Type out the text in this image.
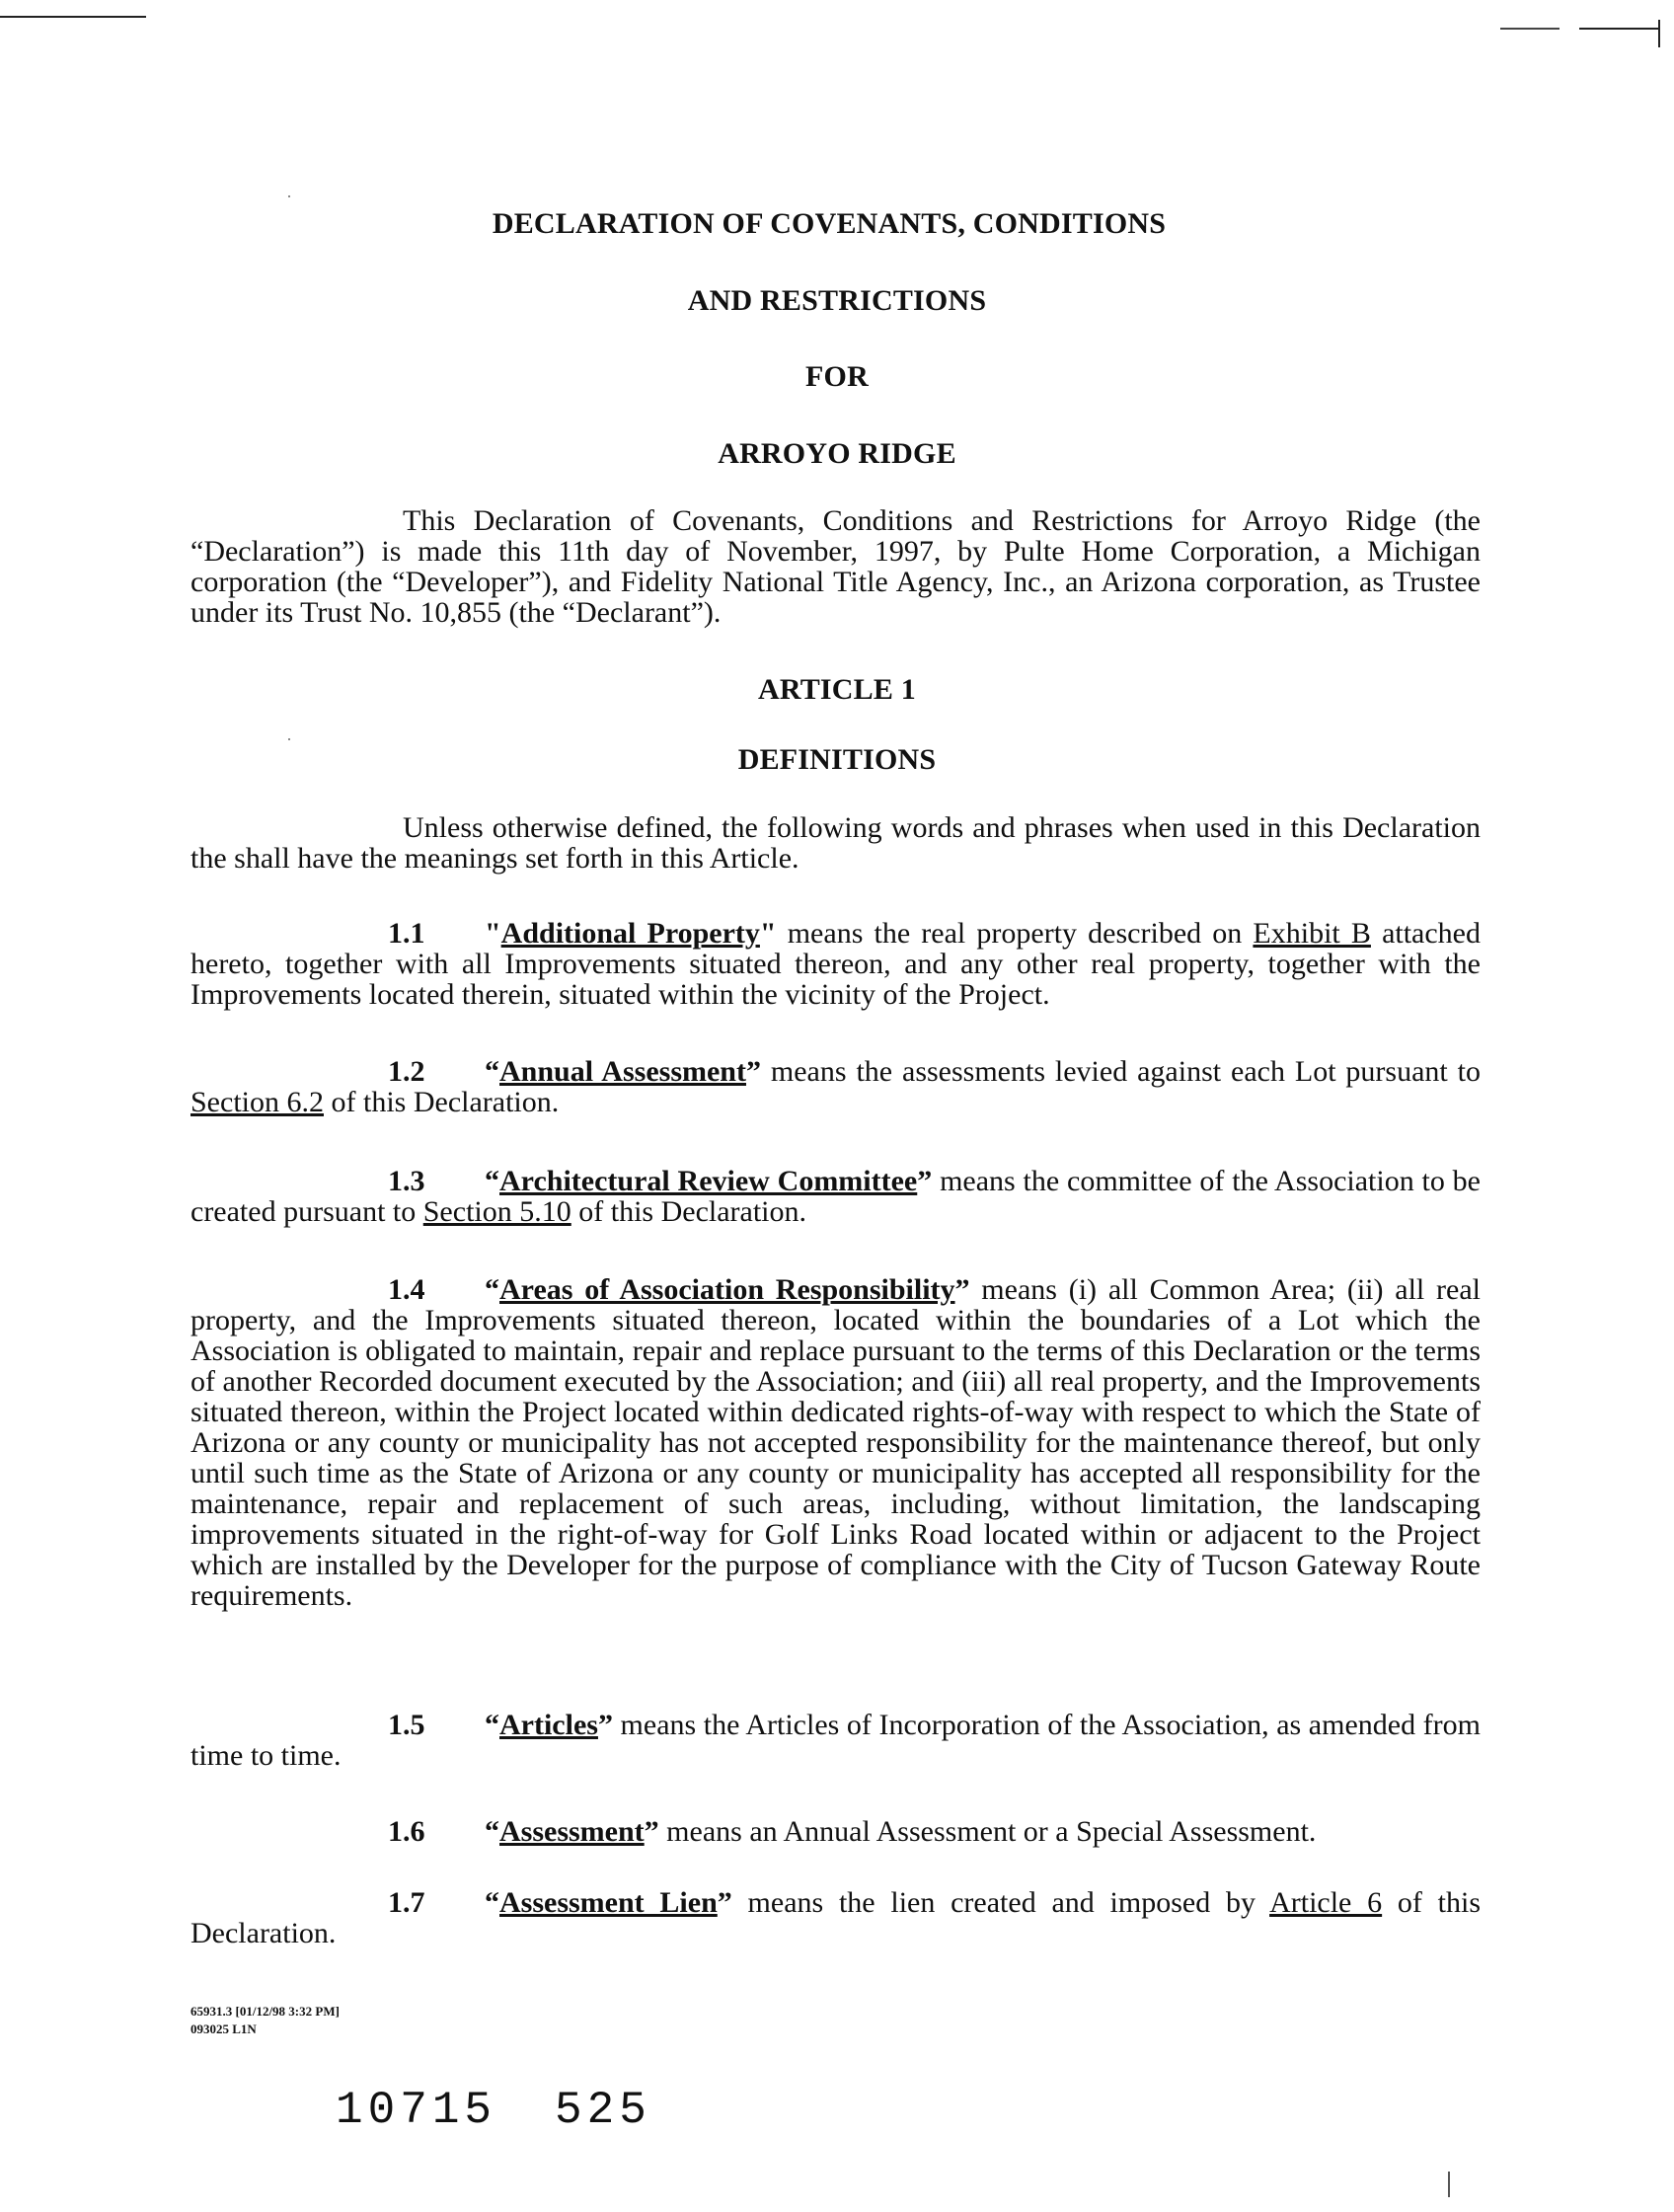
DECLARATION OF COVENANTS, CONDITIONS
AND RESTRICTIONS
FOR
ARROYO RIDGE
This Declaration of Covenants, Conditions and Restrictions for Arroyo Ridge (the “Declaration”) is made this 11th day of November, 1997, by Pulte Home Corporation, a Michigan corporation (the “Developer”), and Fidelity National Title Agency, Inc., an Arizona corporation, as Trustee under its Trust No. 10,855 (the “Declarant”).
ARTICLE 1
DEFINITIONS
Unless otherwise defined, the following words and phrases when used in this Declaration the shall have the meanings set forth in this Article.
1.1 "Additional Property" means the real property described on Exhibit B attached hereto, together with all Improvements situated thereon, and any other real property, together with the Improvements located therein, situated within the vicinity of the Project.
1.2 “Annual Assessment” means the assessments levied against each Lot pursuant to Section 6.2 of this Declaration.
1.3 “Architectural Review Committee” means the committee of the Association to be created pursuant to Section 5.10 of this Declaration.
1.4 “Areas of Association Responsibility” means (i) all Common Area; (ii) all real property, and the Improvements situated thereon, located within the boundaries of a Lot which the Association is obligated to maintain, repair and replace pursuant to the terms of this Declaration or the terms of another Recorded document executed by the Association; and (iii) all real property, and the Improvements situated thereon, within the Project located within dedicated rights-of-way with respect to which the State of Arizona or any county or municipality has not accepted responsibility for the maintenance thereof, but only until such time as the State of Arizona or any county or municipality has accepted all responsibility for the maintenance, repair and replacement of such areas, including, without limitation, the landscaping improvements situated in the right-of-way for Golf Links Road located within or adjacent to the Project which are installed by the Developer for the purpose of compliance with the City of Tucson Gateway Route requirements.
1.5 “Articles” means the Articles of Incorporation of the Association, as amended from time to time.
1.6 “Assessment” means an Annual Assessment or a Special Assessment.
1.7 “Assessment Lien” means the lien created and imposed by Article 6 of this Declaration.
65931.3 [01/12/98 3:32 PM]
093025 L1N
10715 525
